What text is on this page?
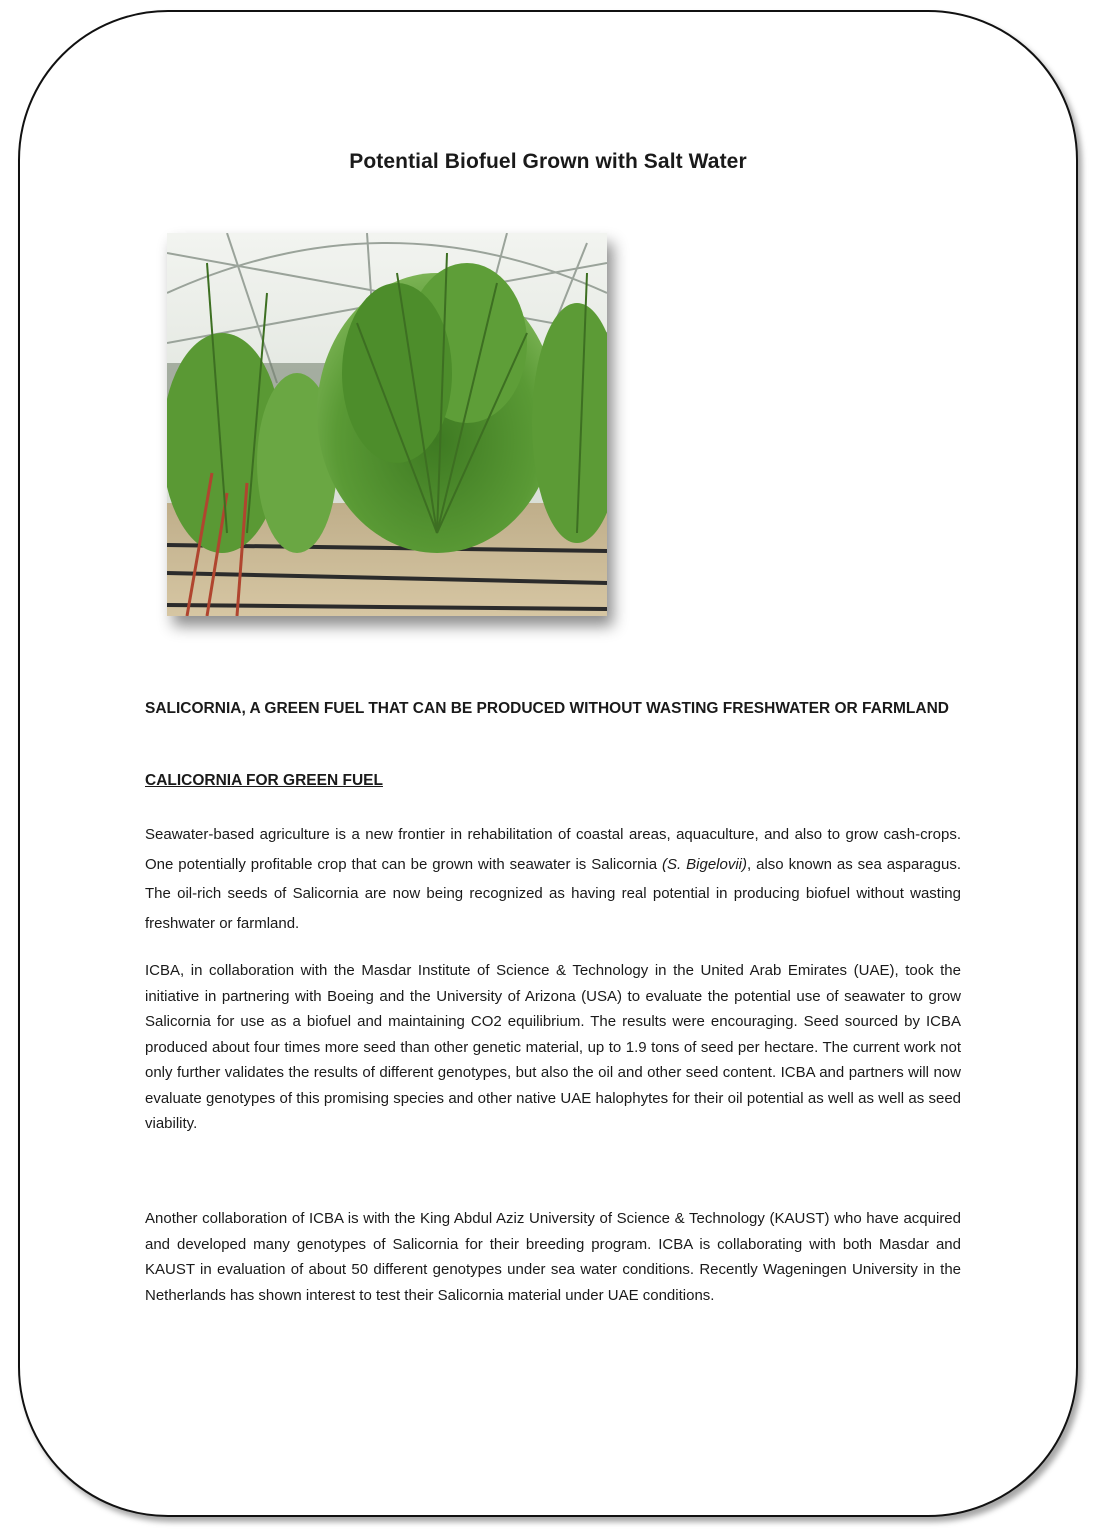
Potential Biofuel Grown with Salt Water
SALICORNIA, A GREEN FUEL THAT CAN BE PRODUCED WITHOUT WASTING FRESHWATER OR FARMLAND
CALICORNIA FOR GREEN FUEL

Seawater-based agriculture is a new frontier in rehabilitation of coastal areas, aquaculture, and also to grow cash-crops. One potentially profitable crop that can be grown with seawater is Salicornia (S. Bigelovii), also known as sea asparagus. The oil-rich seeds of Salicornia are now being recognized as having real potential in producing biofuel without wasting freshwater or farmland.

ICBA, in collaboration with the Masdar Institute of Science & Technology in the United Arab Emirates (UAE), took the initiative in partnering with Boeing and the University of Arizona (USA) to evaluate the potential use of seawater to grow Salicornia for use as a biofuel and maintaining CO2 equilibrium. The results were encouraging. Seed sourced by ICBA produced about four times more seed than other genetic material, up to 1.9 tons of seed per hectare. The current work not only further validates the results of different genotypes, but also the oil and other seed content. ICBA and partners will now evaluate genotypes of this promising species and other native UAE halophytes for their oil potential as well as well as seed viability.

Another collaboration of ICBA is with the King Abdul Aziz University of Science & Technology (KAUST) who have acquired and developed many genotypes of Salicornia for their breeding program. ICBA is collaborating with both Masdar and KAUST in evaluation of about 50 different genotypes under sea water conditions. Recently Wageningen University in the Netherlands has shown interest to test their Salicornia material under UAE conditions.
